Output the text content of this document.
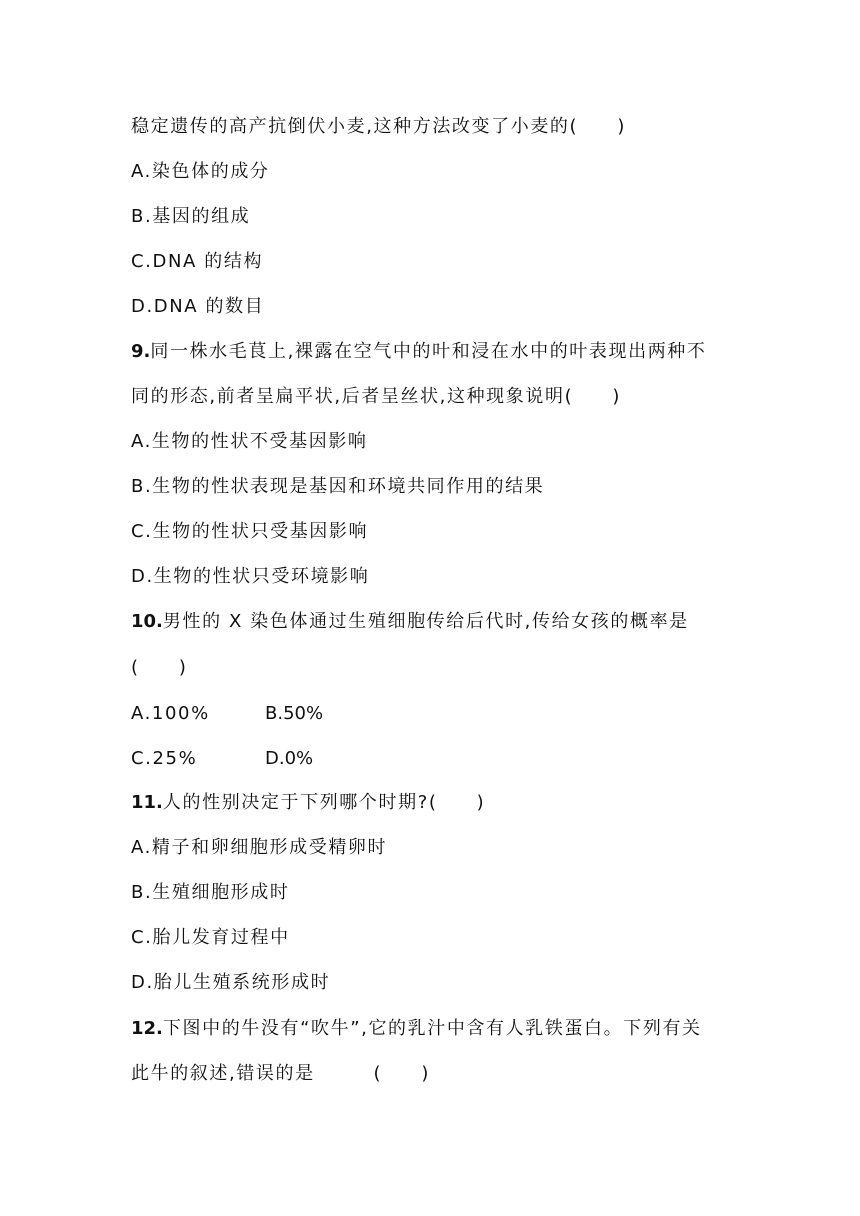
稳定遗传的高产抗倒伏小麦,这种方法改变了小麦的(　　)
A.染色体的成分
B.基因的组成
C.DNA 的结构
D.DNA 的数目
9.同一株水毛茛上,裸露在空气中的叶和浸在水中的叶表现出两种不
同的形态,前者呈扁平状,后者呈丝状,这种现象说明(　　)
A.生物的性状不受基因影响
B.生物的性状表现是基因和环境共同作用的结果
C.生物的性状只受基因影响
D.生物的性状只受环境影响
10.男性的 X 染色体通过生殖细胞传给后代时,传给女孩的概率是
(　　)
A.100%	B.50%
C.25%	D.0%
11.人的性别决定于下列哪个时期?(　　)
A.精子和卵细胞形成受精卵时
B.生殖细胞形成时
C.胎儿发育过程中
D.胎儿生殖系统形成时
12.下图中的牛没有“吹牛”,它的乳汁中含有人乳铁蛋白。下列有关
此牛的叙述,错误的是　　　(　　)
